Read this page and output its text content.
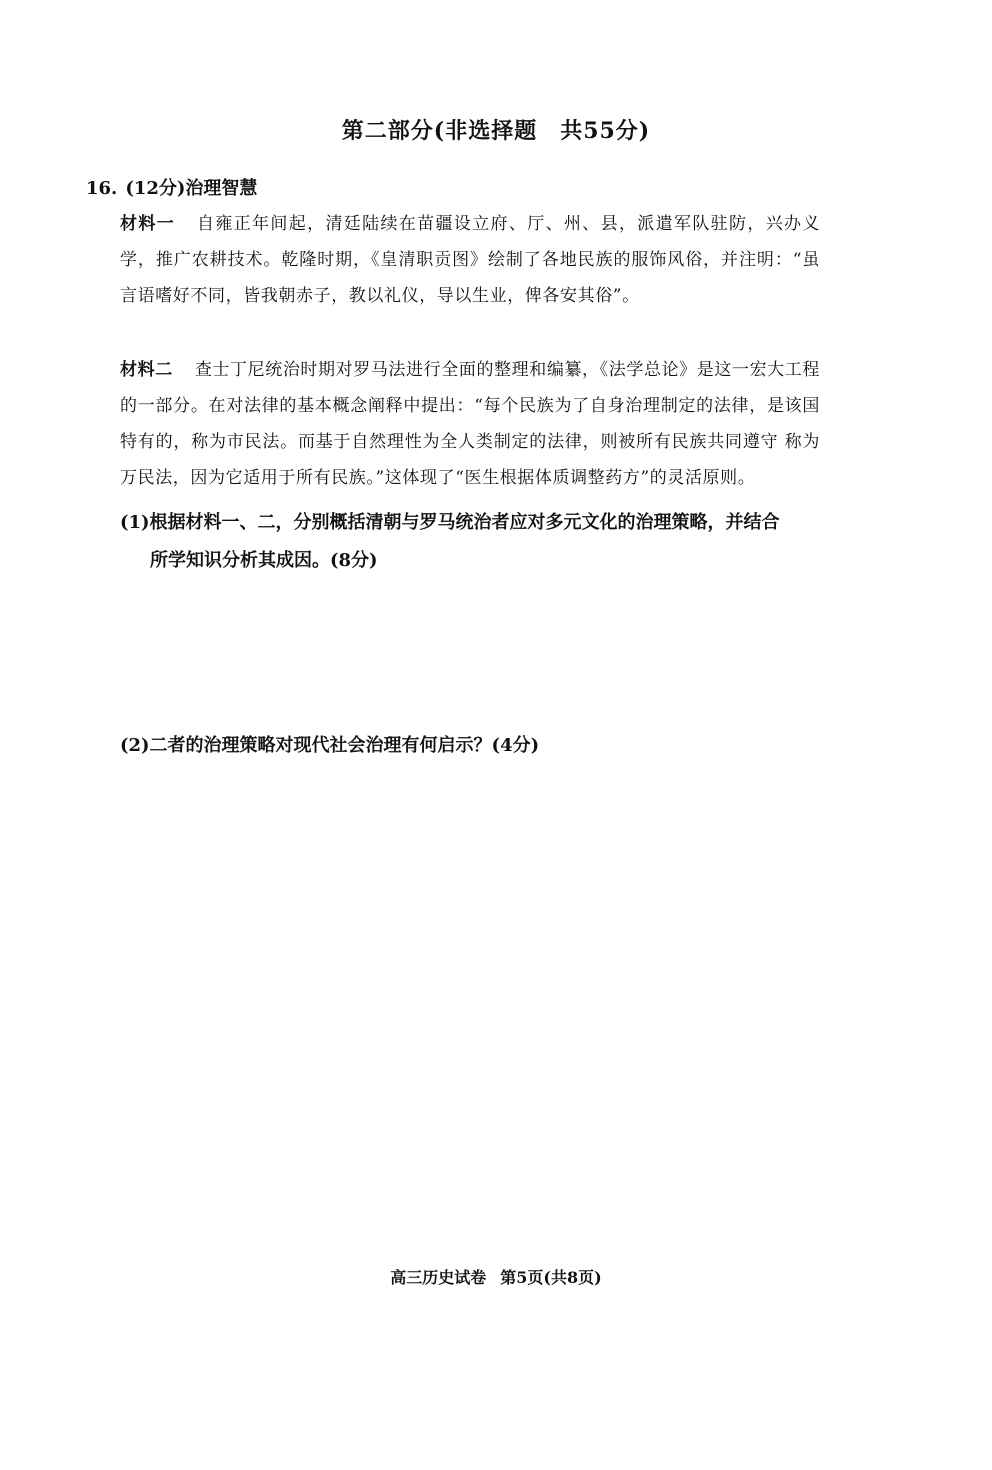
第二部分(非选择题　共55分)
16. (12分)治理智慧
材料一 自雍正年间起，清廷陆续在苗疆设立府、厅、州、县，派遣军队驻防，兴办义学，推广农耕技术。乾隆时期，《皇清职贡图》绘制了各地民族的服饰风俗，并注明：“虽言语嗜好不同，皆我朝赤子，教以礼仪，导以生业，俾各安其俗”。
材料二 查士丁尼统治时期对罗马法进行全面的整理和编纂，《法学总论》是这一宏大工程的一部分。在对法律的基本概念阐释中提出：“每个民族为了自身治理制定的法律，是该国特有的，称为市民法。而基于自然理性为全人类制定的法律，则被所有民族共同遵守 称为万民法，因为它适用于所有民族。”这体现了“医生根据体质调整药方”的灵活原则。
(1)根据材料一、二，分别概括清朝与罗马统治者应对多元文化的治理策略，并结合
所学知识分析其成因。(8分)
(2)二者的治理策略对现代社会治理有何启示？(4分)
高三历史试卷 第5页(共8页)
